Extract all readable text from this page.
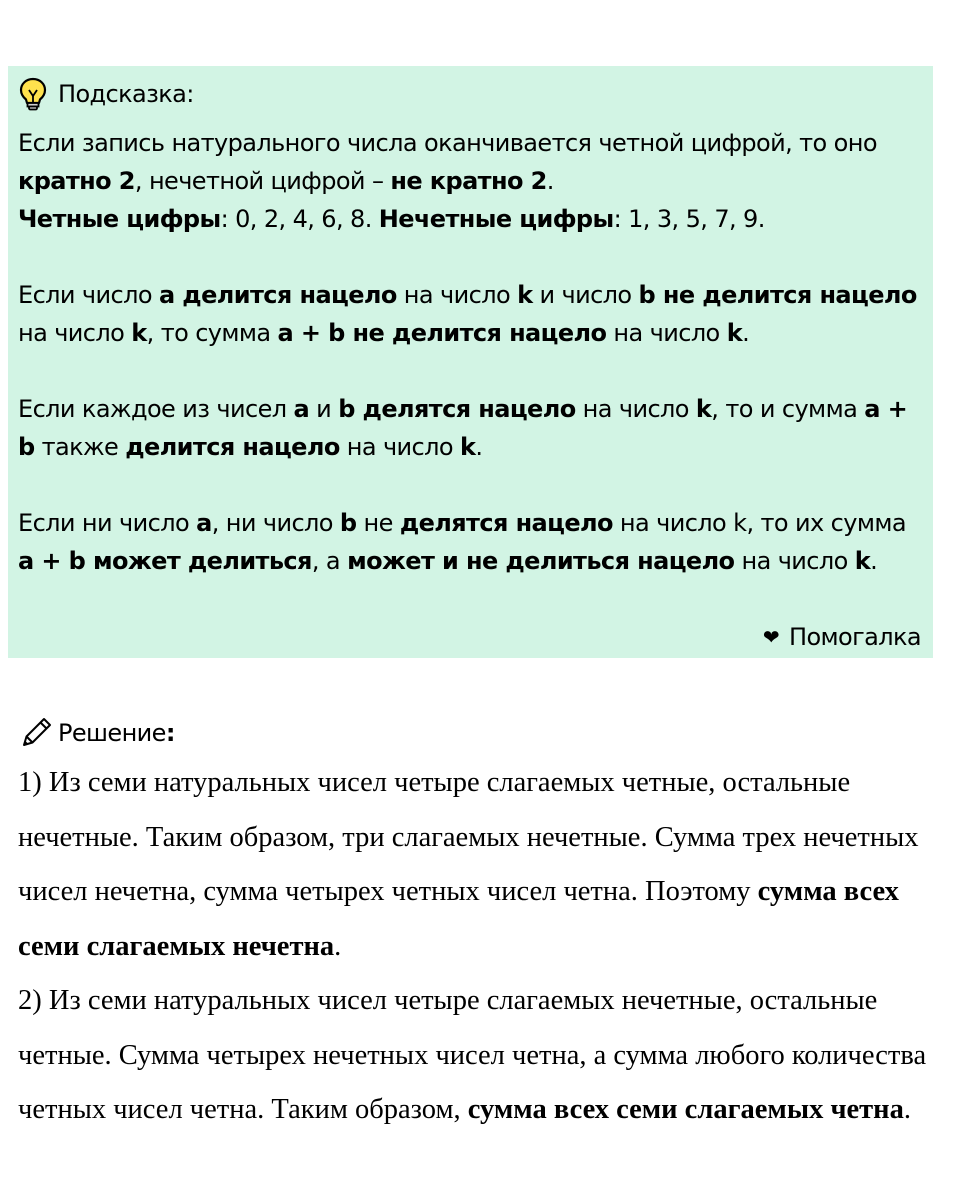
Подсказка:

Если запись натурального числа оканчивается четной цифрой, то оно кратно 2, нечетной цифрой – не кратно 2.

Четные цифры: 0, 2, 4, 6, 8. Нечетные цифры: 1, 3, 5, 7, 9.

Если число a делится нацело на число k и число b не делится нацело на число k, то сумма a + b не делится нацело на число k.

Если каждое из чисел a и b делятся нацело на число k, то и сумма a + b также делится нацело на число k.

Если ни число a, ни число b не делятся нацело на число k, то их сумма a + b может делиться, а может и не делиться нацело на число k.

❤ Помогалка
Решение :

1) Из семи натуральных чисел четыре слагаемых четные, остальные нечетные. Таким образом, три слагаемых нечетные. Сумма трех нечетных чисел нечетна, сумма четырех четных чисел четна. Поэтому сумма всех семи слагаемых нечетна.

2) Из семи натуральных чисел четыре слагаемых нечетные, остальные четные. Сумма четырех нечетных чисел четна, а сумма любого количества четных чисел четна. Таким образом, сумма всех семи слагаемых четна.
